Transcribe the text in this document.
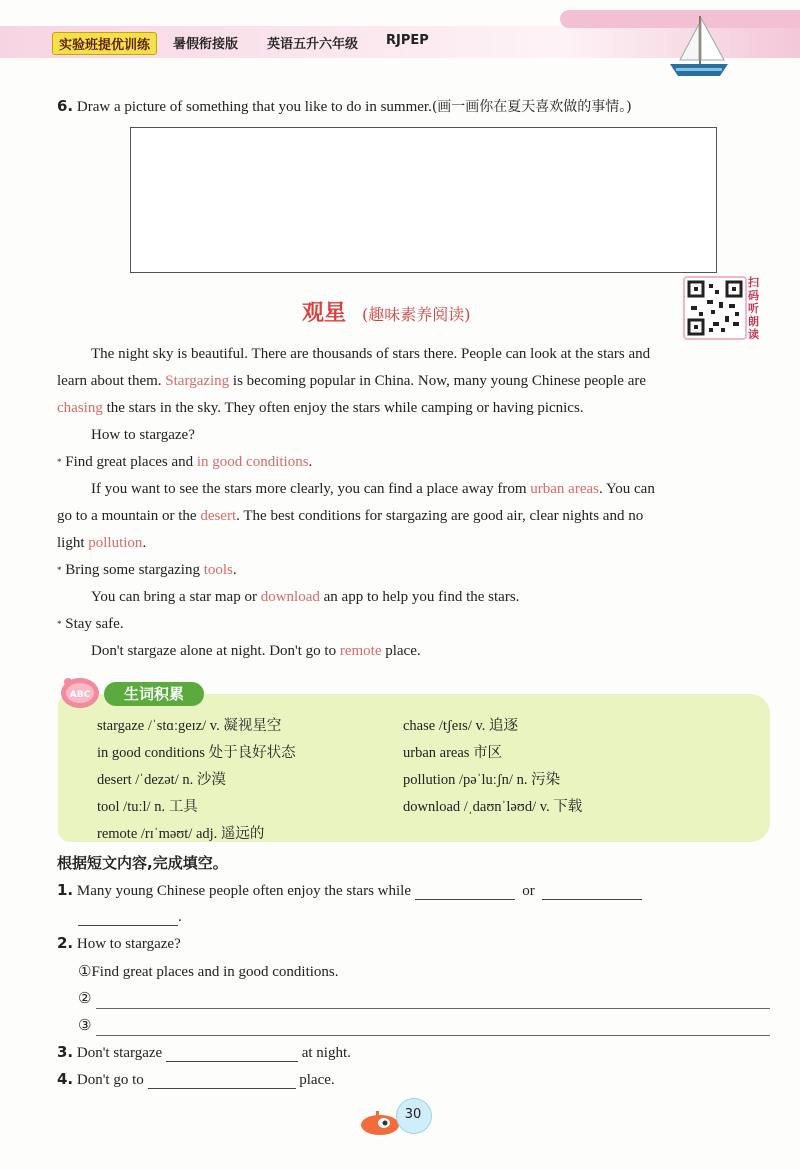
实验班提优训练	暑假衔接版 英语五升六年级 RJPEP
6. Draw a picture of something that you like to do in summer.(画一画你在夏天喜欢做的事情。)
观星 (趣味素养阅读)
扫码听朗读
The night sky is beautiful. There are thousands of stars there. People can look at the stars and
learn about them. Stargazing is becoming popular in China. Now, many young Chinese people are
chasing the stars in the sky. They often enjoy the stars while camping or having picnics.
How to stargaze?
* Find great places and in good conditions.
If you want to see the stars more clearly, you can find a place away from urban areas. You can
go to a mountain or the desert. The best conditions for stargazing are good air, clear nights and no
light pollution.
* Bring some stargazing tools.
You can bring a star map or download an app to help you find the stars.
* Stay safe.
Don't stargaze alone at night. Don't go to remote place.
ABC	生词积累
stargaze /ˈstɑːgeɪz/ v. 凝视星空	chase /tʃeɪs/ v. 追逐
in good conditions 处于良好状态	urban areas 市区
desert /ˈdezət/ n. 沙漠	pollution /pəˈluːʃn/ n. 污染
tool /tuːl/ n. 工具	download /ˌdaʊnˈləʊd/ v. 下载
remote /rɪˈməʊt/ adj. 遥远的
根据短文内容,完成填空。
1. Many young Chinese people often enjoy the stars while	or
.
2. How to stargaze?
①Find great places and in good conditions.
②
③
3. Don't stargaze	at night.
4. Don't go to	place.
30
